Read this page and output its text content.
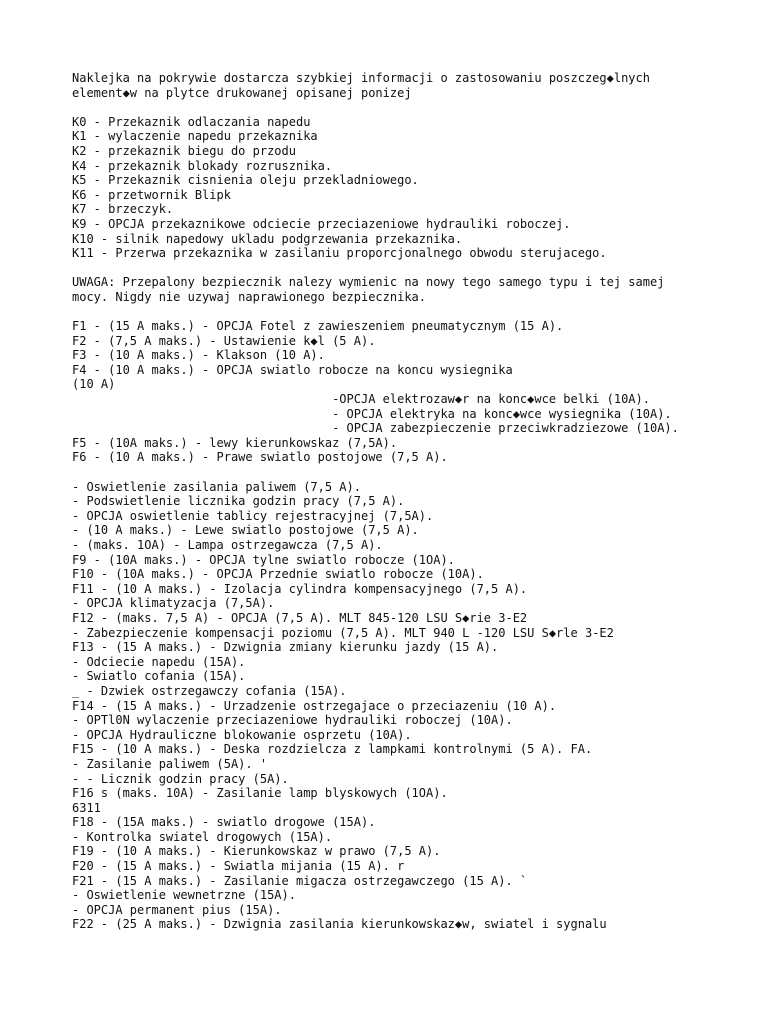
Naklejka na pokrywie dostarcza szybkiej informacji o zastosowaniu poszczeg◆lnych
element◆w na plytce drukowanej opisanej ponizej
K0 - Przekaznik odlaczania napedu
K1 - wylaczenie napedu przekaznika
K2 - przekaznik biegu do przodu
K4 - przekaznik blokady rozrusznika.
K5 - Przekaznik cisnienia oleju przekladniowego.
K6 - przetwornik Blipk
K7 - brzeczyk.
K9 - OPCJA przekaznikowe odciecie przeciazeniowe hydrauliki roboczej.
K10 - silnik napedowy ukladu podgrzewania przekaznika.
K11 - Przerwa przekaznika w zasilaniu proporcjonalnego obwodu sterujacego.
UWAGA: Przepalony bezpiecznik nalezy wymienic na nowy tego samego typu i tej samej
mocy. Nigdy nie uzywaj naprawionego bezpiecznika.
F1 - (15 A maks.) - OPCJA Fotel z zawieszeniem pneumatycznym (15 A).
F2 - (7,5 A maks.) - Ustawienie k◆l (5 A).
F3 - (10 A maks.) - Klakson (10 A).
F4 - (10 A maks.) - OPCJA swiatlo robocze na koncu wysiegnika
(10 A)
-OPCJA elektrozaw◆r na konc◆wce belki (10A).
- OPCJA elektryka na konc◆wce wysiegnika (10A).
- OPCJA zabezpieczenie przeciwkradziezowe (10A).
F5 - (10A maks.) - lewy kierunkowskaz (7,5A).
F6 - (10 A maks.) - Prawe swiatlo postojowe (7,5 A).
- Oswietlenie zasilania paliwem (7,5 A).
- Podswietlenie licznika godzin pracy (7,5 A).
- OPCJA oswietlenie tablicy rejestracyjnej (7,5A).
- (10 A maks.) - Lewe swiatlo postojowe (7,5 A).
- (maks. 1OA) - Lampa ostrzegawcza (7,5 A).
F9 - (10A maks.) - OPCJA tylne swiatlo robocze (1OA).
F10 - (10A maks.) - OPCJA Przednie swiatlo robocze (10A).
F11 - (10 A maks.) - Izolacja cylindra kompensacyjnego (7,5 A).
- OPCJA klimatyzacja (7,5A).
F12 - (maks. 7,5 A) - OPCJA (7,5 A). MLT 845-120 LSU S◆rie 3-E2
- Zabezpieczenie kompensacji poziomu (7,5 A). MLT 940 L -120 LSU S◆rle 3-E2
F13 - (15 A maks.) - Dzwignia zmiany kierunku jazdy (15 A).
- Odciecie napedu (15A).
- Swiatlo cofania (15A).
_ - Dzwiek ostrzegawczy cofania (15A).
F14 - (15 A maks.) - Urzadzenie ostrzegajace o przeciazeniu (10 A).
- OPTl0N wylaczenie przeciazeniowe hydrauliki roboczej (10A).
- OPCJA Hydrauliczne blokowanie osprzetu (10A).
F15 - (10 A maks.) - Deska rozdzielcza z lampkami kontrolnymi (5 A). FA.
- Zasilanie paliwem (5A). '
- - Licznik godzin pracy (5A).
F16 s (maks. 10A) - Zasilanie lamp blyskowych (1OA).
6311
F18 - (15A maks.) - swiatlo drogowe (15A).
- Kontrolka swiatel drogowych (15A).
F19 - (10 A maks.) - Kierunkowskaz w prawo (7,5 A).
F20 - (15 A maks.) - Swiatla mijania (15 A). r
F21 - (15 A maks.) - Zasilanie migacza ostrzegawczego (15 A). `
- Oswietlenie wewnetrzne (15A).
- OPCJA permanent pius (15A).
F22 - (25 A maks.) - Dzwignia zasilania kierunkowskaz◆w, swiatel i sygnalu
